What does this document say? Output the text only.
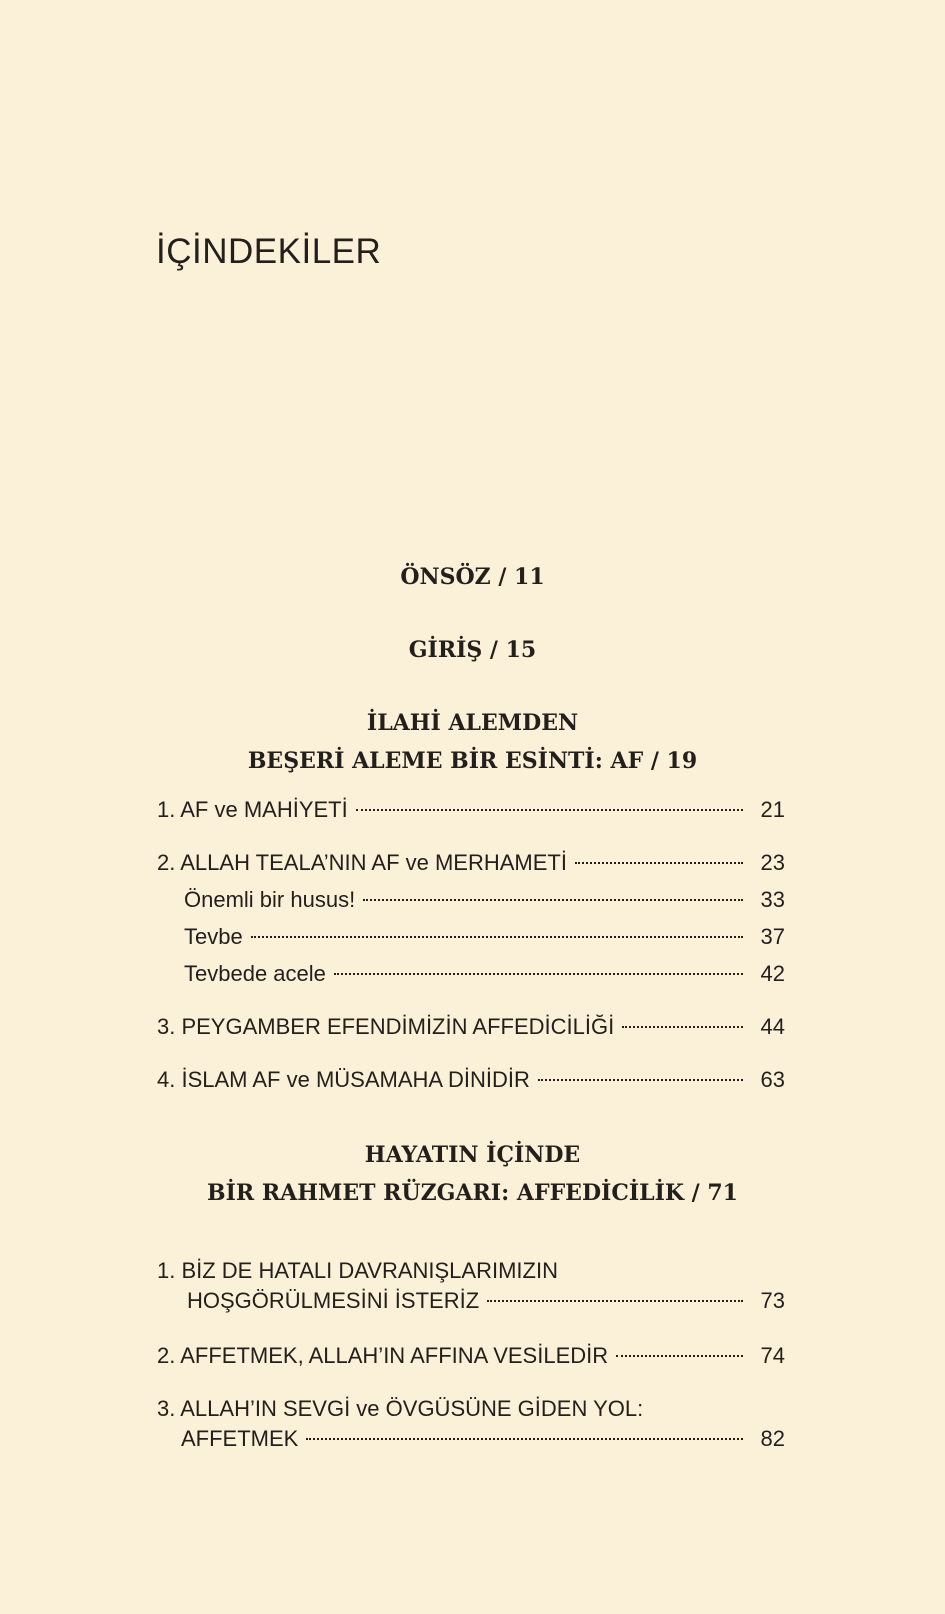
İÇİNDEKİLER
ÖNSÖZ / 11
GİRİŞ / 15
İLAHİ ALEMDEN
BEŞERİ ALEME BİR ESİNTİ: AF / 19
1. AF ve MAHİYETİ	21
2. ALLAH TEALA’NIN AF ve MERHAMETİ	23
Önemli bir husus!	33
Tevbe	37
Tevbede acele	42
3. PEYGAMBER EFENDİMİZİN AFFEDİCİLİĞİ	44
4. İSLAM AF ve MÜSAMAHA DİNİDİR	63
HAYATIN İÇİNDE
BİR RAHMET RÜZGARI: AFFEDİCİLİK / 71
1. BİZ DE HATALI DAVRANIŞLARIMIZIN
HOŞGÖRÜLMESİNİ İSTERİZ	73
2. AFFETMEK, ALLAH’IN AFFINA VESİLEDİR	74
3. ALLAH’IN SEVGİ ve ÖVGÜSÜNE GİDEN YOL:
AFFETMEK	82
